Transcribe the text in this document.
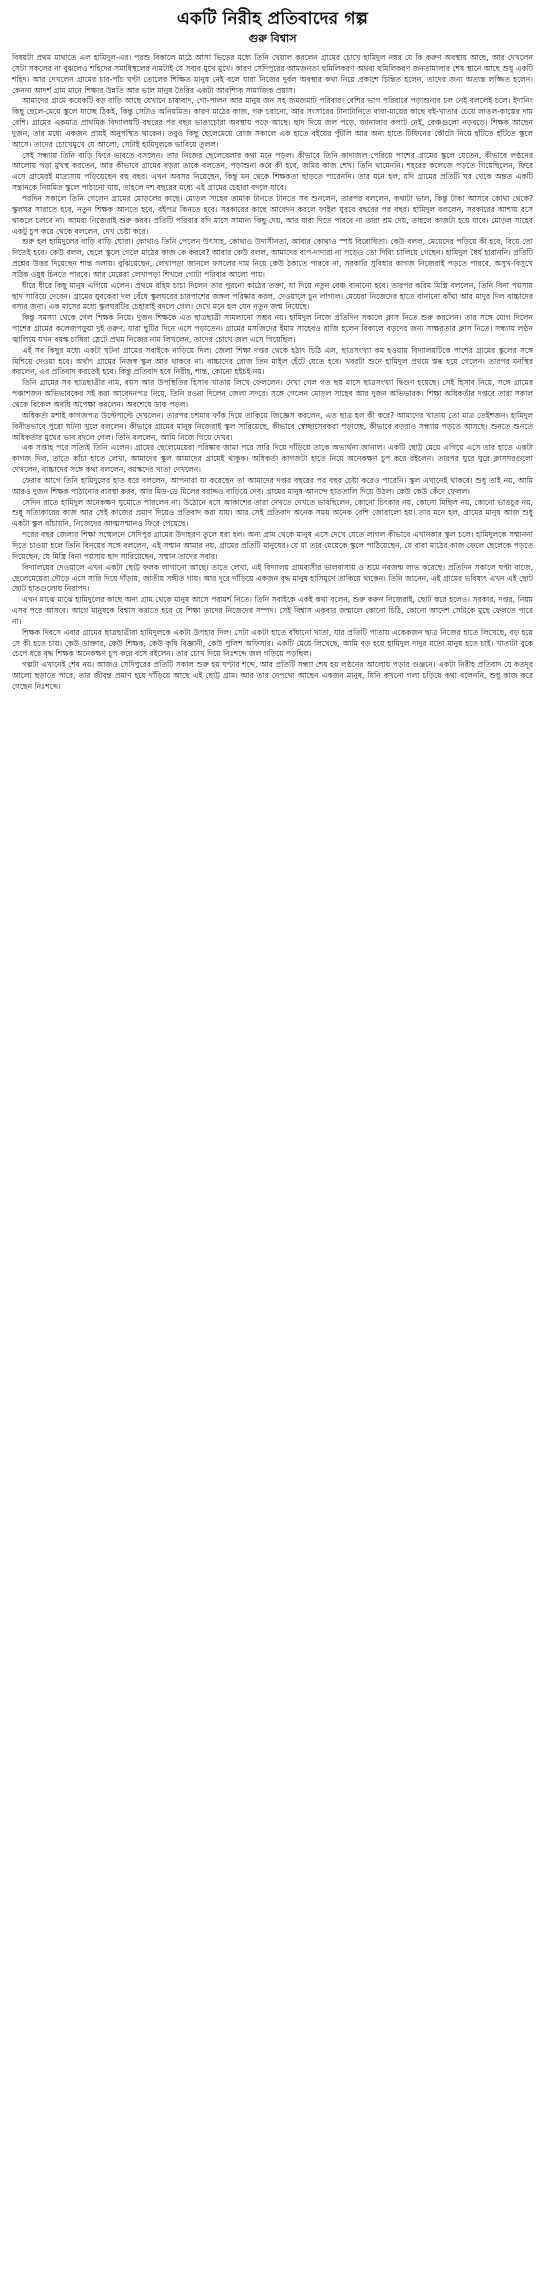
একটি নিরীহ প্রতিবাদের গল্প
গুরু বিশ্বাস

বিষয়টা প্রথম মাথাতে এল হামিদুল-এর। পরশু বিকালে মাঠে আসা ভিড়ের মধ্যে তিনি খেয়াল করলেন গ্রামের চোখে হামিদুল নম্বর যে কি করুণ অবস্থায় আছে, আর দেখলেন সেটা সকলের না বুঝলেও শহিদের সমাধিস্থলের নামটাই যে সবার মুখে মুখে। কারণ সেদিপুরের আমজনতা হুমিলিকরণ অথবা হুমিলিকরণ জনতামালার শেষ স্থানে আছে শুধু একটি শহিদ। আর দেখলেন গ্রামের চার-পাঁচ ঘণ্টা তোলের শিক্ষিত মানুষ নেই বলে যারা নিজের দুর্বল অবস্থার কথা নিয়ে প্রকাশে চিন্তিত হলেন, তাদের জন্য অত্যন্ত লজ্জিত হলেন। কেননা আদর্শ গ্রাম মানে শিক্ষার উন্নতি আর ভাল মানুষ তৈরির একটা আবশ্যিক সামাজিক প্রয়াস।

আমাদের গ্রামে কয়েকটি বড় বাড়ি আছে যেখানে চাষাবাদ, গো-পালন আর মানুষ জন সহ জমজমাট পরিবার। বেশির ভাগ পরিবারে পড়াশুনার চল নেই বললেই চলে। ইদানিং কিছু ছেলে-মেয়ে স্কুলে যাচ্ছে ঠিকই, কিন্তু সেটাও অনিয়মিত। কারণ মাঠের কাজ, গরু চরানো, আর সংসারের টানাটানিতে বাবা-মায়ের কাছে বই-খাতার চেয়ে লাঙল-কাস্তের দাম বেশি। গ্রামের একমাত্র প্রাথমিক বিদ্যালয়টি বছরের পর বছর ভাঙাচোরা অবস্থায় পড়ে আছে। ছাদ দিয়ে জল পড়ে, জানালার কপাট নেই, বেঞ্চগুলো নড়বড়ে। শিক্ষক আছেন দুজন, তার মধ্যে একজন প্রায়ই অনুপস্থিত থাকেন। তবুও কিছু ছেলেমেয়ে রোজ সকালে এক হাতে বইয়ের পুঁটলি আর অন্য হাতে টিফিনের কৌটো নিয়ে হাঁটতে হাঁটতে স্কুলে আসে। তাদের চোখেমুখে যে আলো, সেটাই হামিদুলকে ভাবিয়ে তুলল।

সেই সন্ধ্যায় তিনি বাড়ি ফিরে ভাবতে বসলেন। তার নিজের ছেলেবেলার কথা মনে পড়ল। কীভাবে তিনি কাদাজল পেরিয়ে পাশের গ্রামের স্কুলে যেতেন, কীভাবে লণ্ঠনের আলোয় পড়া মুখস্থ করতেন, আর কীভাবে গ্রামের বড়রা তাকে বলতেন, পড়াশুনা করে কী হবে, জমির কাজ শেখ। তিনি থামেননি। শহরের কলেজে পড়তে গিয়েছিলেন, ফিরে এসে গ্রামেরই মাদ্রাসায় পড়িয়েছেন বহু বছর। এখন অবসর নিয়েছেন, কিন্তু মন থেকে শিক্ষকতা ছাড়তে পারেননি। তার মনে হল, যদি গ্রামের প্রতিটি ঘর থেকে অন্তত একটি সন্তানকে নিয়মিত স্কুলে পাঠানো যায়, তাহলে দশ বছরের মধ্যে এই গ্রামের চেহারা বদলে যাবে।

পরদিন সকালে তিনি গেলেন গ্রামের মোড়লের কাছে। মোড়ল সাহেব তামাক টানতে টানতে সব শুনলেন, তারপর বললেন, কথাটা ভাল, কিন্তু টাকা আসবে কোথা থেকে? স্কুলঘর সারাতে হবে, নতুন শিক্ষক আনতে হবে, বইপত্র কিনতে হবে। সরকারের কাছে আবেদন করলে ফাইল ঘুরবে বছরের পর বছর। হামিদুল বললেন, সরকারের আশায় বসে থাকলে চলবে না। আমরা নিজেরাই শুরু করব। প্রতিটি পরিবার যদি মাসে সামান্য কিছু দেয়, আর যারা দিতে পারবে না তারা শ্রম দেয়, তাহলে কাজটা হয়ে যাবে। মোড়ল সাহেব একটু চুপ করে থেকে বললেন, দেখ চেষ্টা করে।

শুরু হল হামিদুলের বাড়ি বাড়ি ঘোরা। কোথাও তিনি পেলেন উৎসাহ, কোথাও উদাসীনতা, আবার কোথাও স্পষ্ট বিরোধিতা। কেউ বলল, মেয়েদের পড়িয়ে কী হবে, বিয়ে তো দিতেই হবে। কেউ বলল, ছেলে স্কুলে গেলে মাঠের কাজ কে করবে? আবার কেউ বলল, আমাদের বাপ-দাদারা না পড়েও তো দিব্যি চালিয়ে গেছেন। হামিদুল ধৈর্য হারাননি। প্রতিটি প্রশ্নের উত্তর দিয়েছেন শান্ত গলায়। বুঝিয়েছেন, লেখাপড়া জানলে ফসলের দাম নিয়ে কেউ ঠকাতে পারবে না, সরকারি সুবিধার কাগজ নিজেরাই পড়তে পারবে, অসুখ-বিসুখে সঠিক ওষুধ চিনতে পারবে। আর মেয়েরা লেখাপড়া শিখলে গোটা পরিবার আলো পায়।

ধীরে ধীরে কিছু মানুষ এগিয়ে এলেন। প্রথমে রহিম চাচা দিলেন তার পুরনো কাঠের তক্তা, যা দিয়ে নতুন বেঞ্চ বানানো হবে। তারপর করিম মিস্ত্রি বললেন, তিনি বিনা পয়সায় ছাদ সারিয়ে দেবেন। গ্রামের যুবকেরা দল বেঁধে স্কুলঘরের চারপাশের জঙ্গল পরিষ্কার করল, দেওয়ালে চুন লাগাল। মেয়েরা নিজেদের হাতে বানানো কাঁথা আর মাদুর দিল বাচ্চাদের বসার জন্য। এক মাসের মধ্যে স্কুলঘরটির চেহারাই বদলে গেল। দেখে মনে হল যেন নতুন জন্ম নিয়েছে।

কিন্তু সমস্যা থেকে গেল শিক্ষক নিয়ে। দুজন শিক্ষকে এত ছাত্রছাত্রী সামলানো সম্ভব নয়। হামিদুল নিজে প্রতিদিন সকালে ক্লাস নিতে শুরু করলেন। তার সঙ্গে যোগ দিলেন পাশের গ্রামের কলেজপড়ুয়া দুই তরুণ, যারা ছুটির দিনে এসে পড়াতেন। গ্রামের মসজিদের ইমাম সাহেবও রাজি হলেন বিকালে বড়দের জন্য সাক্ষরতার ক্লাস নিতে। সন্ধ্যায় লণ্ঠন জ্বালিয়ে যখন বয়স্ক চাষিরা স্লেটে প্রথম নিজের নাম লিখলেন, তাদের চোখে জল এসে গিয়েছিল।

এই সব কিছুর মধ্যে একটা ঘটনা গ্রামের সবাইকে নাড়িয়ে দিল। জেলা শিক্ষা দপ্তর থেকে হঠাৎ চিঠি এল, ছাত্রসংখ্যা কম হওয়ায় বিদ্যালয়টিকে পাশের গ্রামের স্কুলের সঙ্গে মিশিয়ে দেওয়া হবে। অর্থাৎ গ্রামের নিজস্ব স্কুল আর থাকবে না। বাচ্চাদের রোজ তিন মাইল হেঁটে যেতে হবে। খবরটা শুনে হামিদুল প্রথমে স্তব্ধ হয়ে গেলেন। তারপর মনস্থির করলেন, এর প্রতিবাদ করতেই হবে। কিন্তু প্রতিবাদ হবে নিরীহ, শান্ত, কোনো হইচই নয়।

তিনি গ্রামের সব ছাত্রছাত্রীর নাম, বয়স আর উপস্থিতির হিসাব খাতায় লিখে ফেললেন। দেখা গেল গত ছয় মাসে ছাত্রসংখ্যা দ্বিগুণ হয়েছে। সেই হিসাব নিয়ে, সঙ্গে গ্রামের পঞ্চাশজন অভিভাবকের সই করা আবেদনপত্র নিয়ে, তিনি রওনা দিলেন জেলা সদরে। সঙ্গে গেলেন মোড়ল সাহেব আর দুজন অভিভাবক। শিক্ষা অধিকর্তার দপ্তরে তারা সকাল থেকে বিকেল অবধি অপেক্ষা করলেন। অবশেষে ডাক পড়ল।

অধিকর্তা মশাই কাগজপত্র উল্টেপাল্টে দেখলেন। তারপর চশমার ফাঁক দিয়ে তাকিয়ে জিজ্ঞেস করলেন, এত ছাত্র হল কী করে? আমাদের খাতায় তো মাত্র তেইশজন। হামিদুল বিনীতভাবে পুরো ঘটনা খুলে বললেন। কীভাবে গ্রামের মানুষ নিজেরাই স্কুল সারিয়েছে, কীভাবে স্বেচ্ছাসেবকরা পড়াচ্ছে, কীভাবে বড়রাও সন্ধ্যায় পড়তে আসছে। শুনতে শুনতে অধিকর্তার মুখের ভাব বদলে গেল। তিনি বললেন, আমি নিজে গিয়ে দেখব।

এক সপ্তাহ পরে সত্যিই তিনি এলেন। গ্রামের ছেলেমেয়েরা পরিষ্কার জামা পরে সারি দিয়ে দাঁড়িয়ে তাকে অভ্যর্থনা জানাল। একটি ছোট্ট মেয়ে এগিয়ে এসে তার হাতে একটা কাগজ দিল, তাতে কাঁচা হাতে লেখা, আমাদের স্কুল আমাদের গ্রামেই থাকুক। অধিকর্তা কাগজটা হাতে নিয়ে অনেকক্ষণ চুপ করে রইলেন। তারপর ঘুরে ঘুরে ক্লাসঘরগুলো দেখলেন, বাচ্চাদের সঙ্গে কথা বললেন, বয়স্কদের খাতা দেখলেন।

ফেরার আগে তিনি হামিদুলের হাত ধরে বললেন, আপনারা যা করেছেন তা আমাদের দপ্তর বছরের পর বছর চেষ্টা করেও পারেনি। স্কুল এখানেই থাকবে। শুধু তাই নয়, আমি আরও দুজন শিক্ষক পাঠানোর ব্যবস্থা করব, আর মিড-ডে মিলের বরাদ্দও বাড়িয়ে দেব। গ্রামের মানুষ আনন্দে হাততালি দিয়ে উঠল। কেউ কেউ কেঁদে ফেলল।

সেদিন রাতে হামিদুল অনেকক্ষণ ঘুমোতে পারলেন না। উঠোনে বসে আকাশের তারা দেখতে দেখতে ভাবছিলেন, কোনো চিৎকার নয়, কোনো মিছিল নয়, কোনো ভাঙচুর নয়, শুধু সত্যিকারের কাজ আর সেই কাজের প্রমাণ দিয়েও প্রতিবাদ করা যায়। আর সেই প্রতিবাদ অনেক সময় অনেক বেশি জোরালো হয়। তার মনে হল, গ্রামের মানুষ আজ শুধু একটা স্কুল বাঁচায়নি, নিজেদের আত্মসম্মানও ফিরে পেয়েছে।

পরের বছর জেলার শিক্ষা সম্মেলনে সেদিপুর গ্রামের উদাহরণ তুলে ধরা হল। অন্য গ্রাম থেকে মানুষ এসে দেখে যেতে লাগল কীভাবে এখানকার স্কুল চলে। হামিদুলকে সম্মাননা দিতে চাওয়া হলে তিনি বিনয়ের সঙ্গে বললেন, এই সম্মান আমার নয়, গ্রামের প্রতিটি মানুষের। যে মা তার মেয়েকে স্কুলে পাঠিয়েছেন, যে বাবা মাঠের কাজ ফেলে ছেলেকে পড়তে দিয়েছেন, যে মিস্ত্রি বিনা পয়সায় ছাদ সারিয়েছেন, সম্মান তাদের সবার।

বিদ্যালয়ের দেওয়ালে এখন একটা ছোট্ট ফলক লাগানো আছে। তাতে লেখা, এই বিদ্যালয় গ্রামবাসীর ভালবাসায় ও শ্রমে নবজন্ম লাভ করেছে। প্রতিদিন সকালে ঘণ্টা বাজে, ছেলেমেয়েরা দৌড়ে এসে সারি দিয়ে দাঁড়ায়, জাতীয় সঙ্গীত গায়। আর দূরে দাঁড়িয়ে একজন বৃদ্ধ মানুষ হাসিমুখে তাকিয়ে থাকেন। তিনি জানেন, এই গ্রামের ভবিষ্যৎ এখন এই ছোট ছোট হাতগুলোয় নিরাপদ।

এখন মাঝে মাঝে হামিদুলের কাছে অন্য গ্রাম থেকে মানুষ আসে পরামর্শ নিতে। তিনি সবাইকে একই কথা বলেন, শুরু করুন নিজেরাই, ছোট করে হলেও। সরকার, দপ্তর, নিয়ম এসব পরে আসবে। আগে মানুষকে বিশ্বাস করাতে হবে যে শিক্ষা তাদের নিজেদের সম্পদ। সেই বিশ্বাস একবার জন্মালে কোনো চিঠি, কোনো আদেশ সেটাকে মুছে ফেলতে পারে না।

শিক্ষক দিবসে এবার গ্রামের ছাত্রছাত্রীরা হামিদুলকে একটা উপহার দিল। সেটা একটা হাতে বাঁধানো খাতা, যার প্রতিটি পাতায় একেকজন ছাত্র নিজের হাতে লিখেছে, বড় হয়ে সে কী হতে চায়। কেউ ডাক্তার, কেউ শিক্ষক, কেউ কৃষি বিজ্ঞানী, কেউ পুলিশ অফিসার। একটি মেয়ে লিখেছে, আমি বড় হয়ে হামিদুল দাদুর মতো মানুষ হতে চাই। খাতাটা বুকে চেপে ধরে বৃদ্ধ শিক্ষক অনেকক্ষণ চুপ করে বসে রইলেন। তার চোখ দিয়ে নিঃশব্দে জল গড়িয়ে পড়ছিল।

গল্পটা এখানেই শেষ নয়। আজও সেদিপুরের প্রতিটি সকাল শুরু হয় ঘণ্টার শব্দে, আর প্রতিটি সন্ধ্যা শেষ হয় লণ্ঠনের আলোয় পড়ার গুঞ্জনে। একটা নিরীহ প্রতিবাদ যে কতদূর আলো ছড়াতে পারে, তার জীবন্ত প্রমাণ হয়ে দাঁড়িয়ে আছে এই ছোট্ট গ্রাম। আর তার নেপথ্যে আছেন একজন মানুষ, যিনি কখনো গলা চড়িয়ে কথা বলেননি, শুধু কাজ করে গেছেন নিঃশব্দে।
